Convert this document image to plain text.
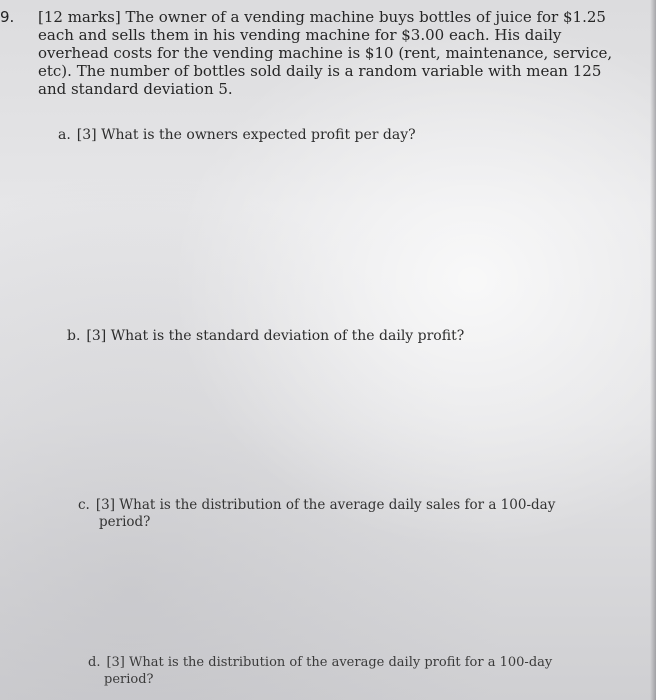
9. [12 marks] The owner of a vending machine buys bottles of juice for $1.25
each and sells them in his vending machine for $3.00 each. His daily
overhead costs for the vending machine is $10 (rent, maintenance, service,
etc). The number of bottles sold daily is a random variable with mean 125
and standard deviation 5.
a. [3] What is the owners expected profit per day?
b. [3] What is the standard deviation of the daily profit?
c. [3] What is the distribution of the average daily sales for a 100-day
period?
d. [3] What is the distribution of the average daily profit for a 100-day
period?
